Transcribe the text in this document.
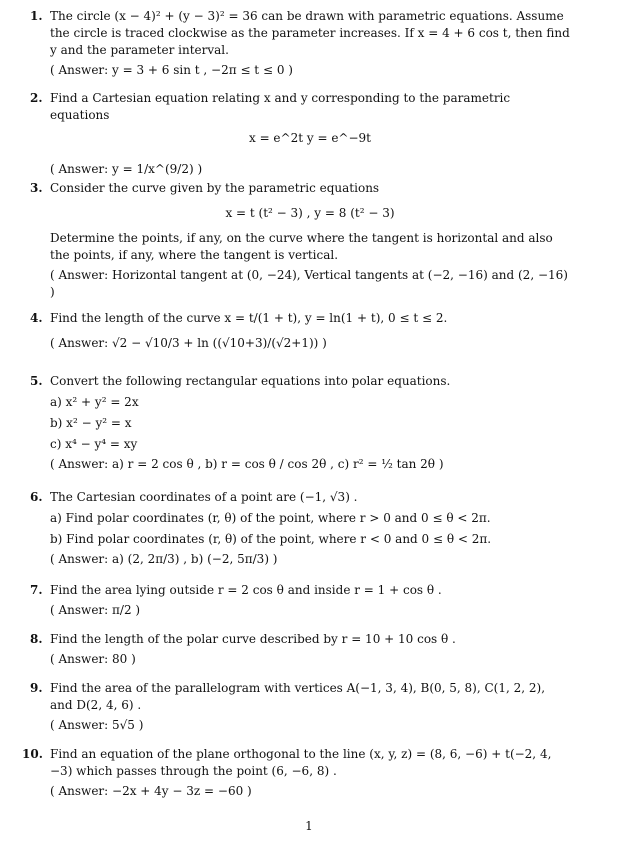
1. The circle (x − 4)² + (y − 3)² = 36 can be drawn with parametric equations. Assume the circle is traced clockwise as the parameter increases. If x = 4 + 6 cos t, then find y and the parameter interval.
( Answer: y = 3 + 6 sin t , −2π ≤ t ≤ 0 )
2. Find a Cartesian equation relating x and y corresponding to the parametric equations
x = e^2t y = e^−9t
( Answer: y = 1/x^(9/2) )
3. Consider the curve given by the parametric equations
x = t (t² − 3) , y = 8 (t² − 3)
Determine the points, if any, on the curve where the tangent is horizontal and also the points, if any, where the tangent is vertical.
( Answer: Horizontal tangent at (0, −24), Vertical tangents at (−2, −16) and (2, −16) )
4. Find the length of the curve x = t/(1 + t), y = ln(1 + t), 0 ≤ t ≤ 2.
( Answer: √2 − √10/3 + ln ((√10+3)/(√2+1)) )
5. Convert the following rectangular equations into polar equations.
a) x² + y² = 2x
b) x² − y² = x
c) x⁴ − y⁴ = xy
( Answer: a) r = 2 cos θ , b) r = cos θ / cos 2θ , c) r² = ½ tan 2θ )
6. The Cartesian coordinates of a point are (−1, √3) .
a) Find polar coordinates (r, θ) of the point, where r > 0 and 0 ≤ θ < 2π.
b) Find polar coordinates (r, θ) of the point, where r < 0 and 0 ≤ θ < 2π.
( Answer: a) (2, 2π/3) , b) (−2, 5π/3) )
7. Find the area lying outside r = 2 cos θ and inside r = 1 + cos θ .
( Answer: π/2 )
8. Find the length of the polar curve described by r = 10 + 10 cos θ .
( Answer: 80 )
9. Find the area of the parallelogram with vertices A(−1, 3, 4), B(0, 5, 8), C(1, 2, 2), and D(2, 4, 6) .
( Answer: 5√5 )
10. Find an equation of the plane orthogonal to the line (x, y, z) = (8, 6, −6) + t(−2, 4, −3) which passes through the point (6, −6, 8) .
( Answer: −2x + 4y − 3z = −60 )
1
